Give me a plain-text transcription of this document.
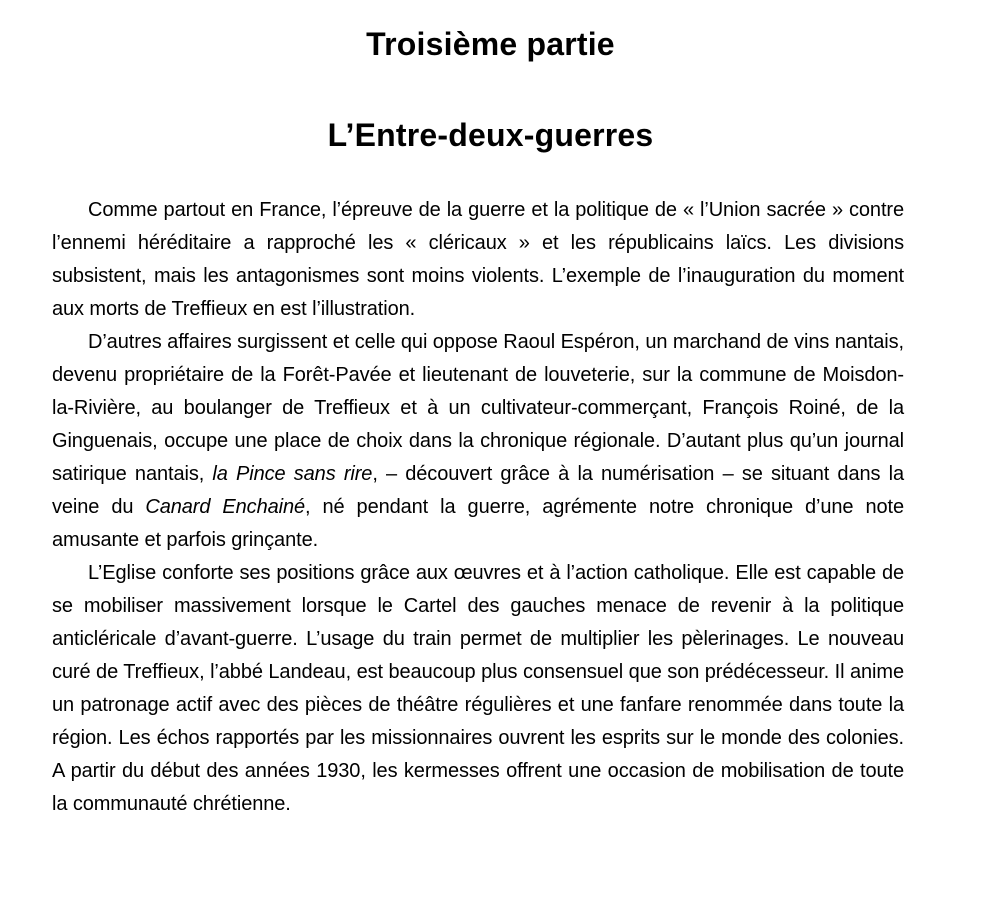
Troisième partie
L’Entre-deux-guerres

Comme partout en France, l’épreuve de la guerre et la politique de « l’Union sacrée » contre l’ennemi héréditaire a rapproché les « cléricaux » et les républicains laïcs. Les divisions subsistent, mais les antagonismes sont moins violents. L’exemple de l’inauguration du moment aux morts de Treffieux en est l’illustration.

D’autres affaires surgissent et celle qui oppose Raoul Espéron, un marchand de vins nantais, devenu propriétaire de la Forêt-Pavée et lieutenant de louveterie, sur la commune de Moisdon-la-Rivière, au boulanger de Treffieux et à un cultivateur-commerçant, François Roiné, de la Ginguenais, occupe une place de choix dans la chronique régionale. D’autant plus qu’un journal satirique nantais, la Pince sans rire, – découvert grâce à la numérisation – se situant dans la veine du Canard Enchainé, né pendant la guerre, agrémente notre chronique d’une note amusante et parfois grinçante.

L’Eglise conforte ses positions grâce aux œuvres et à l’action catholique. Elle est capable de se mobiliser massivement lorsque le Cartel des gauches menace de revenir à la politique anticléricale d’avant-guerre. L’usage du train permet de multiplier les pèlerinages. Le nouveau curé de Treffieux, l’abbé Landeau, est beaucoup plus consensuel que son prédécesseur. Il anime un patronage actif avec des pièces de théâtre régulières et une fanfare renommée dans toute la région. Les échos rapportés par les missionnaires ouvrent les esprits sur le monde des colonies. A partir du début des années 1930, les kermesses offrent une occasion de mobilisation de toute la communauté chrétienne.
